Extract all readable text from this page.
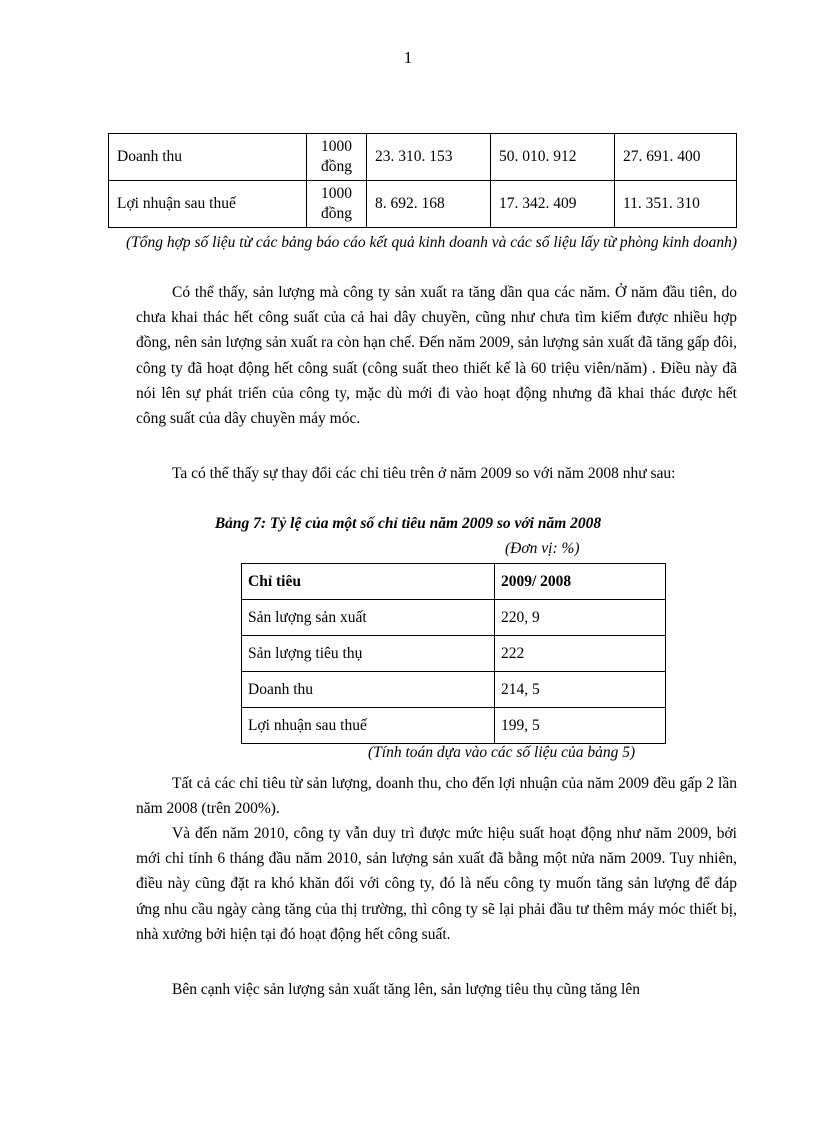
1
Doanh thu	1000 đồng	23. 310. 153	50. 010. 912	27. 691. 400
Lợi nhuận sau thuế	1000 đồng	8. 692. 168	17. 342. 409	11. 351. 310
(Tổng hợp số liệu từ các bảng báo cáo kết quả kinh doanh và các số liệu lấy từ phòng kinh doanh)
Có thể thấy, sản lượng mà công ty sản xuất ra tăng dần qua các năm. Ở năm đầu tiên, do chưa khai thác hết công suất của cả hai dây chuyền, cũng như chưa tìm kiếm được nhiều hợp đồng, nên sản lượng sản xuất ra còn hạn chế. Đến năm 2009, sản lượng sản xuất đã tăng gấp đôi, công ty đã hoạt động hết công suất (công suất theo thiết kế là 60 triệu viên/năm) . Điều này đã nói lên sự phát triển của công ty, mặc dù mới đi vào hoạt động nhưng đã khai thác được hết công suất của dây chuyền máy móc.
Ta có thể thấy sự thay đổi các chỉ tiêu trên ở năm 2009 so với năm 2008 như sau:
Bảng 7: Tỷ lệ của một số chỉ tiêu năm 2009 so với năm 2008
(Đơn vị: %)
Chỉ tiêu	2009/ 2008
Sản lượng sản xuất	220, 9
Sản lượng tiêu thụ	222
Doanh thu	214, 5
Lợi nhuận sau thuế	199, 5
(Tính toán dựa vào các số liệu của bảng 5)
Tất cả các chỉ tiêu từ sản lượng, doanh thu, cho đến lợi nhuận của năm 2009 đều gấp 2 lần năm 2008 (trên 200%).
Và đến năm 2010, công ty vẫn duy trì được mức hiệu suất hoạt động như năm 2009, bởi mới chỉ tính 6 tháng đầu năm 2010, sản lượng sản xuất đã bằng một nửa năm 2009. Tuy nhiên, điều này cũng đặt ra khó khăn đối với công ty, đó là nếu công ty muốn tăng sản lượng để đáp ứng nhu cầu ngày càng tăng của thị trường, thì công ty sẽ lại phải đầu tư thêm máy móc thiết bị, nhà xưởng bởi hiện tại đó hoạt động hết công suất.
Bên cạnh việc sản lượng sản xuất tăng lên, sản lượng tiêu thụ cũng tăng lên
